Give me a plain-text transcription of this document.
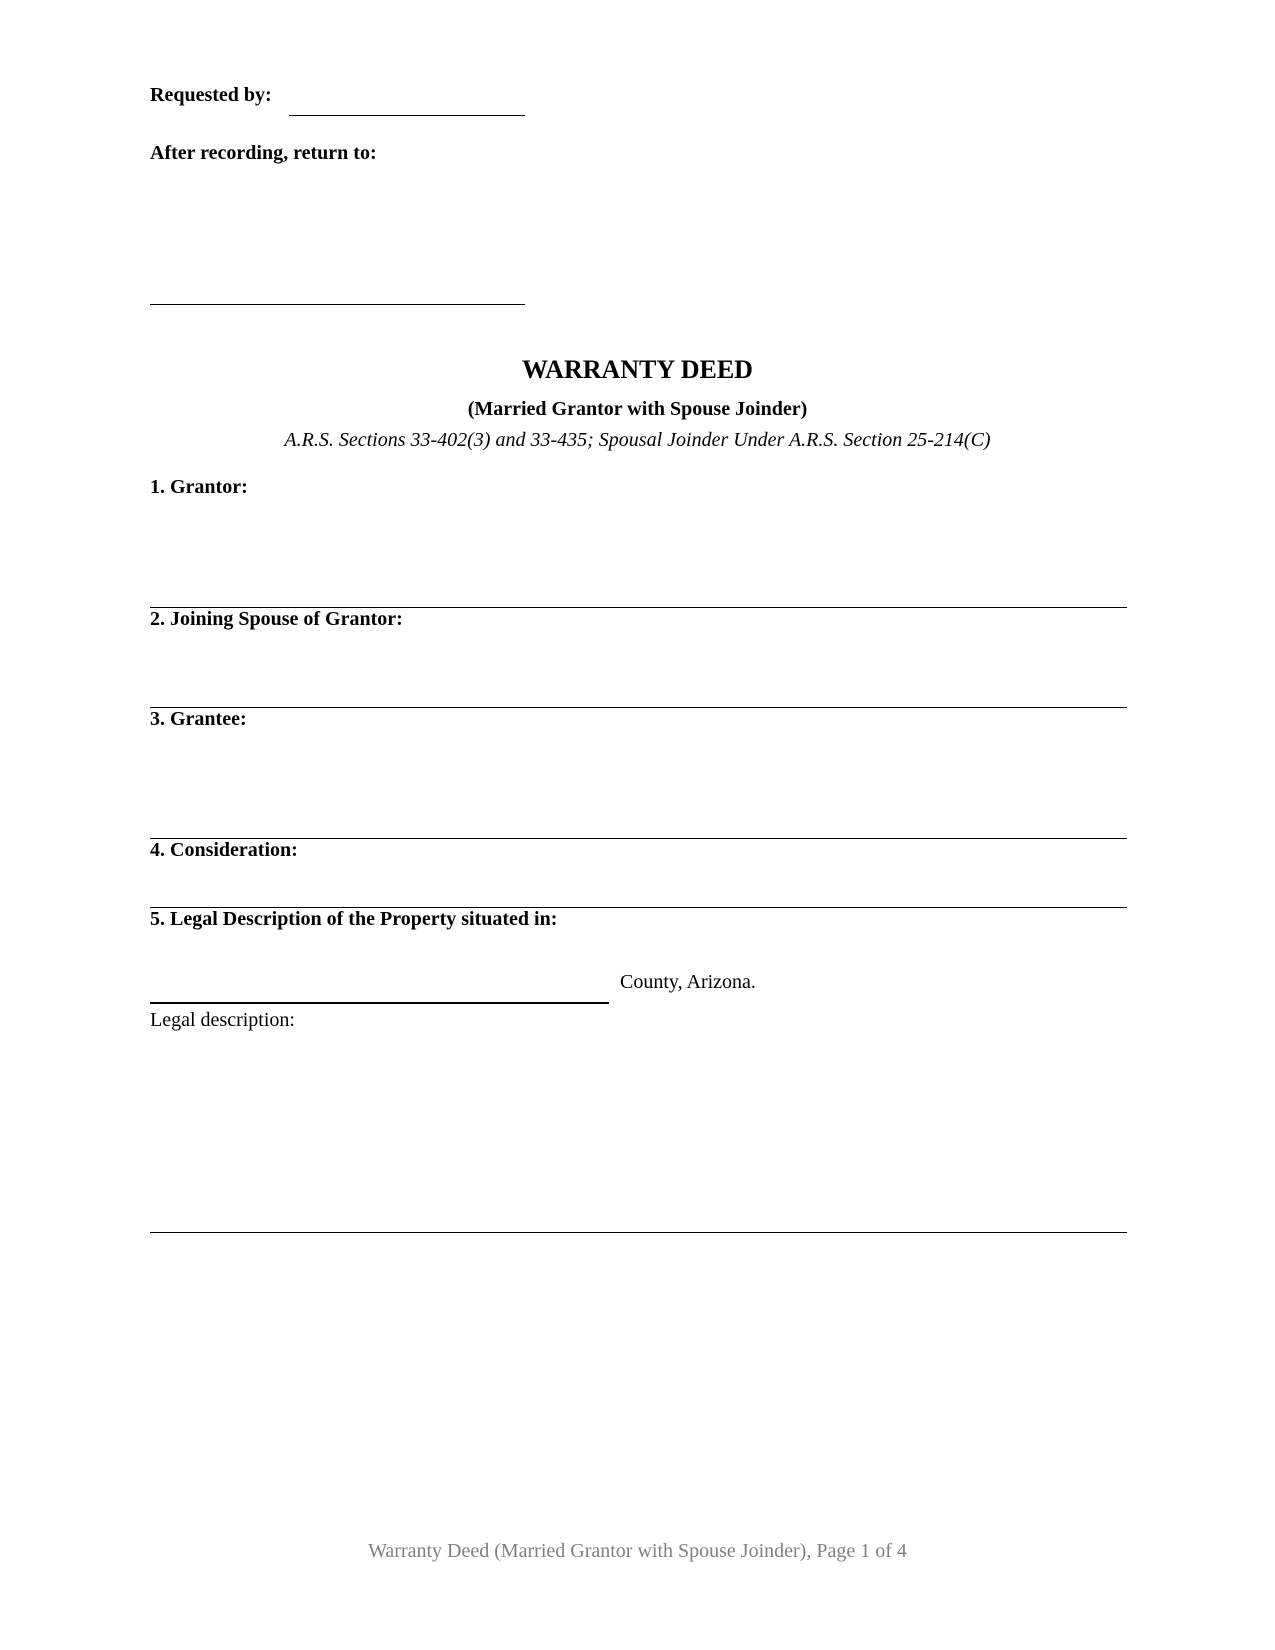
Requested by:
After recording, return to:
WARRANTY DEED
(Married Grantor with Spouse Joinder)
A.R.S. Sections 33-402(3) and 33-435; Spousal Joinder Under A.R.S. Section 25-214(C)
1. Grantor:
2. Joining Spouse of Grantor:
3. Grantee:
4. Consideration:
5. Legal Description of the Property situated in:
County, Arizona.
Legal description:
Warranty Deed (Married Grantor with Spouse Joinder), Page 1 of 4
